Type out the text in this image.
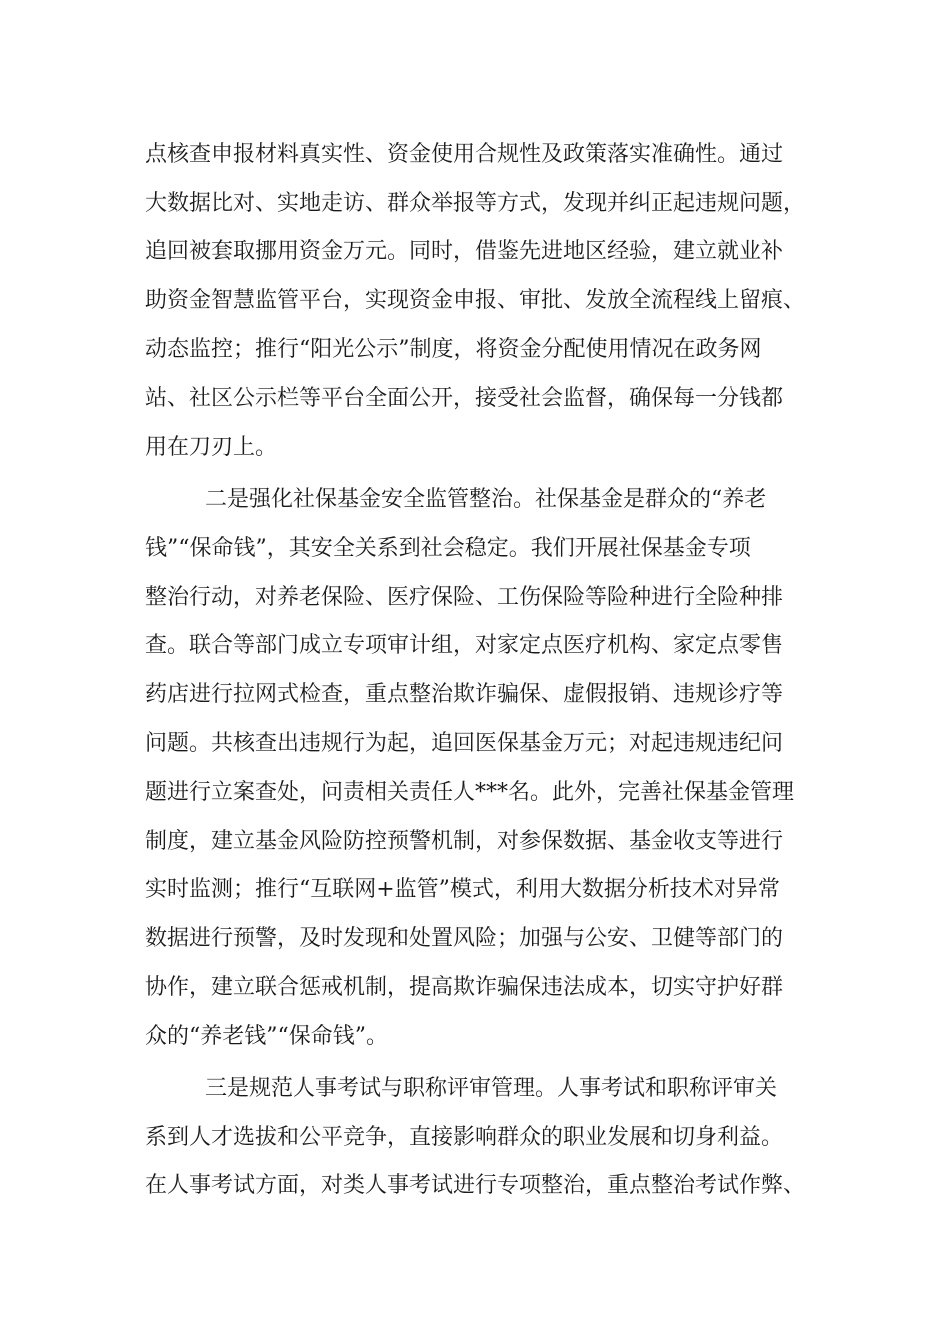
点核查申报材料真实性、资金使用合规性及政策落实准确性。通过
大数据比对、实地走访、群众举报等方式，发现并纠正起违规问题，
追回被套取挪用资金万元。同时，借鉴先进地区经验，建立就业补
助资金智慧监管平台，实现资金申报、审批、发放全流程线上留痕、
动态监控；推行“阳光公示”制度，将资金分配使用情况在政务网
站、社区公示栏等平台全面公开，接受社会监督，确保每一分钱都
用在刀刃上。
二是强化社保基金安全监管整治。社保基金是群众的“养老
钱”“保命钱”，其安全关系到社会稳定。我们开展社保基金专项
整治行动，对养老保险、医疗保险、工伤保险等险种进行全险种排
查。联合等部门成立专项审计组，对家定点医疗机构、家定点零售
药店进行拉网式检查，重点整治欺诈骗保、虚假报销、违规诊疗等
问题。共核查出违规行为起，追回医保基金万元；对起违规违纪问
题进行立案查处，问责相关责任人***名。此外，完善社保基金管理
制度，建立基金风险防控预警机制，对参保数据、基金收支等进行
实时监测；推行“互联网+监管”模式，利用大数据分析技术对异常
数据进行预警，及时发现和处置风险；加强与公安、卫健等部门的
协作，建立联合惩戒机制，提高欺诈骗保违法成本，切实守护好群
众的“养老钱”“保命钱”。
三是规范人事考试与职称评审管理。人事考试和职称评审关
系到人才选拔和公平竞争，直接影响群众的职业发展和切身利益。
在人事考试方面，对类人事考试进行专项整治，重点整治考试作弊、
